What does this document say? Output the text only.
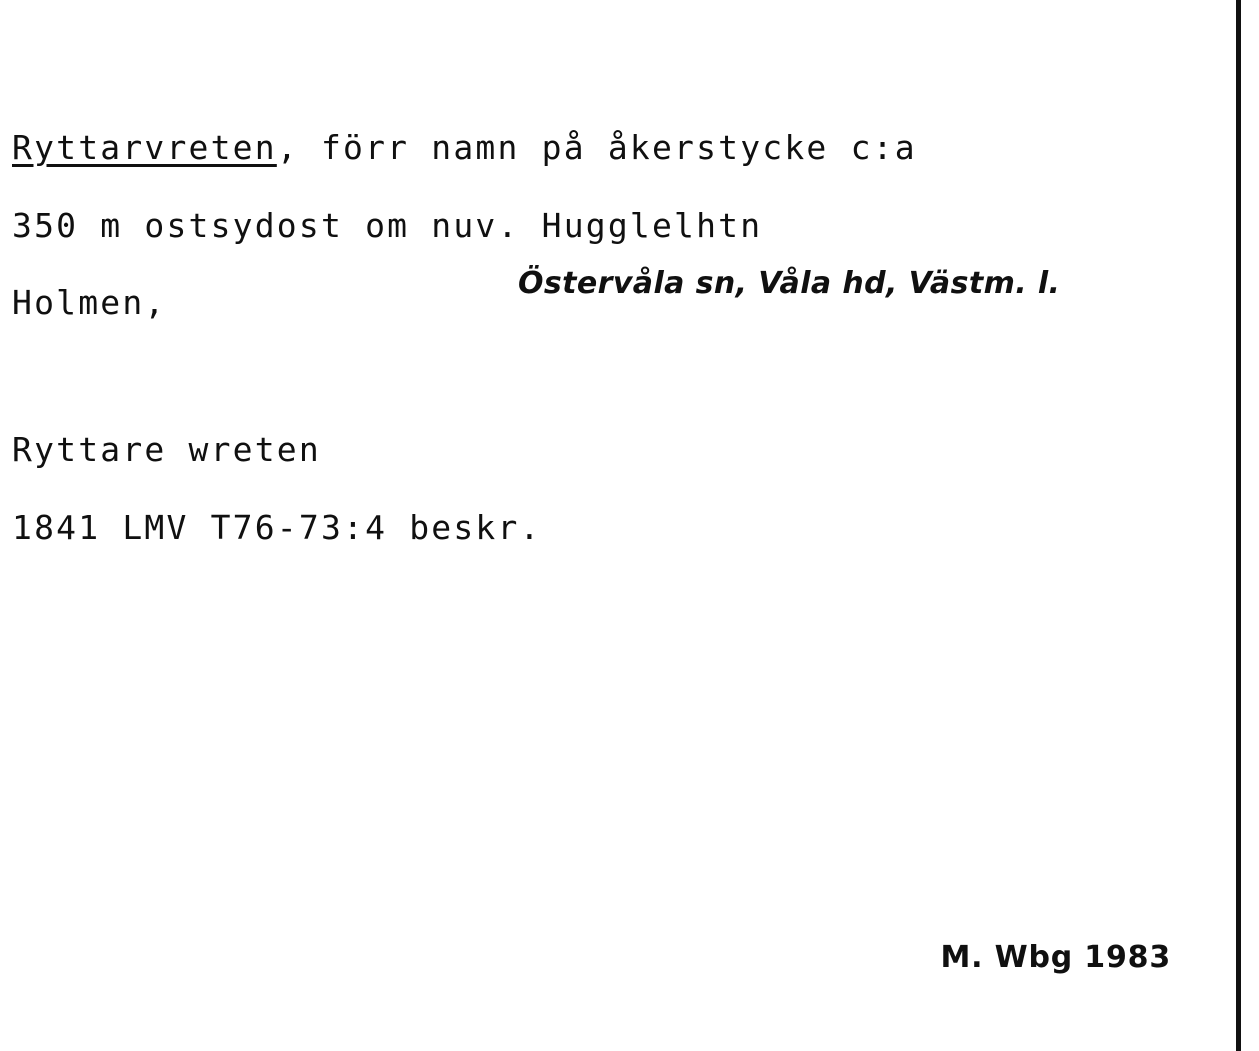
Ryttarvreten, förr namn på åkerstycke c:a
350 m ostsydost om nuv. Hugglelhtn
Holmen,	Östervåla sn, Våla hd, Västm. l.
Ryttare wreten
1841 LMV T76-73:4 beskr.
M. Wbg 1983
